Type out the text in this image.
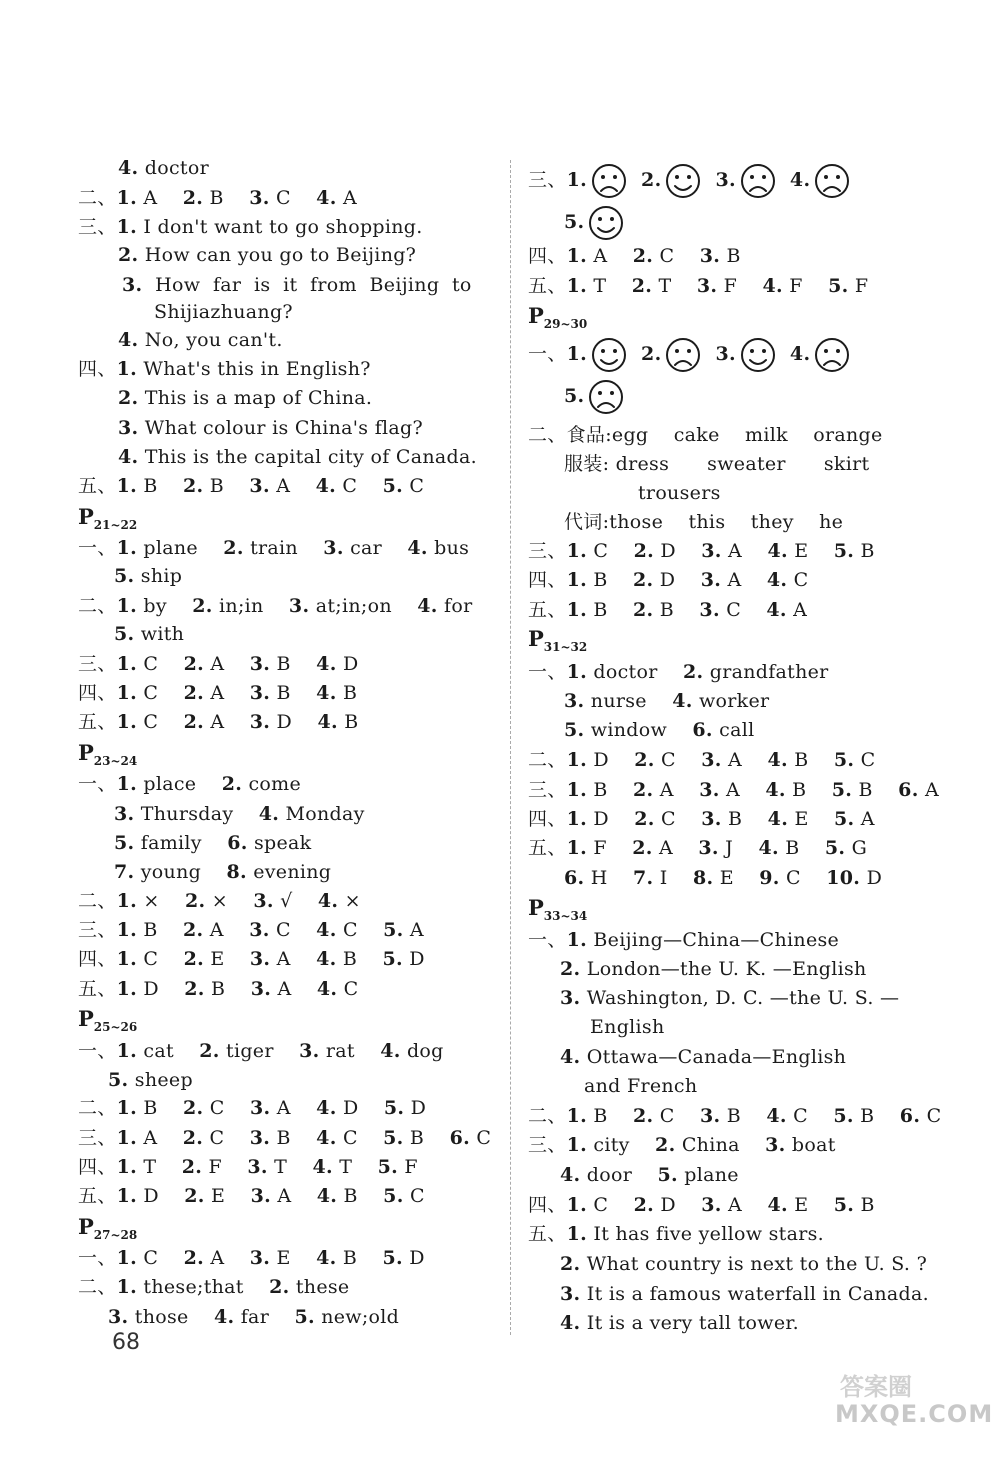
4. doctor
二、1. A    2. B    3. C    4. A
三、1. I don't want to go shopping.
2. How can you go to Beijing?
3.  How  far  is  it  from  Beijing  to
Shijiazhuang?
4. No, you can't.
四、1. What's this in English?
2. This is a map of China.
3. What colour is China's flag?
4. This is the capital city of Canada.
五、1. B    2. B    3. A    4. C    5. C
$P_{21\sim 22}$
一、1. plane    2. train    3. car    4. bus
5. ship
二、1. by    2. in;in    3. at;in;on    4. for
5. with
三、1. C    2. A    3. B    4. D
四、1. C    2. A    3. B    4. B
五、1. C    2. A    3. D    4. B
$P_{23\sim 24}$
一、1. place    2. come
3. Thursday    4. Monday
5. family    6. speak
7. young    8. evening
二、1. ×    2. ×    3. √    4. ×
三、1. B    2. A    3. C    4. C    5. A
四、1. C    2. E    3. A    4. B    5. D
五、1. D    2. B    3. A    4. C
$P_{25\sim 26}$
一、1. cat    2. tiger    3. rat    4. dog
5. sheep
二、1. B    2. C    3. A    4. D    5. D
三、1. A    2. C    3. B    4. C    5. B    6. C
四、1. T    2. F    3. T    4. T    5. F
五、1. D    2. E    3. A    4. B    5. C
$P_{27\sim 28}$
一、1. C    2. A    3. E    4. B    5. D
二、1. these;that    2. these
3. those    4. far    5. new;old
三、1.	2.	3.	4.
5.
四、1. A    2. C    3. B
五、1. T    2. T    3. F    4. F    5. F
$P_{29\sim 30}$
一、1.	2.	3.	4.
5.
二、食品:egg    cake    milk    orange
服装: dress      sweater      skirt
trousers
代词:those    this    they    he
三、1. C    2. D    3. A    4. E    5. B
四、1. B    2. D    3. A    4. C
五、1. B    2. B    3. C    4. A
$P_{31\sim 32}$
一、1. doctor    2. grandfather
3. nurse    4. worker
5. window    6. call
二、1. D    2. C    3. A    4. B    5. C
三、1. B    2. A    3. A    4. B    5. B    6. A
四、1. D    2. C    3. B    4. E    5. A
五、1. F    2. A    3. J    4. B    5. G
6. H    7. I    8. E    9. C    10. D
$P_{33\sim 34}$
一、1. Beijing—China—Chinese
2. London—the U. K. —English
3. Washington, D. C. —the U. S. —
English
4. Ottawa—Canada—English
and French
二、1. B    2. C    3. B    4. C    5. B    6. C
三、1. city    2. China    3. boat
4. door    5. plane
四、1. C    2. D    3. A    4. E    5. B
五、1. It has five yellow stars.
2. What country is next to the U. S. ?
3. It is a famous waterfall in Canada.
4. It is a very tall tower.
68
答案圈
MXQE.COM
